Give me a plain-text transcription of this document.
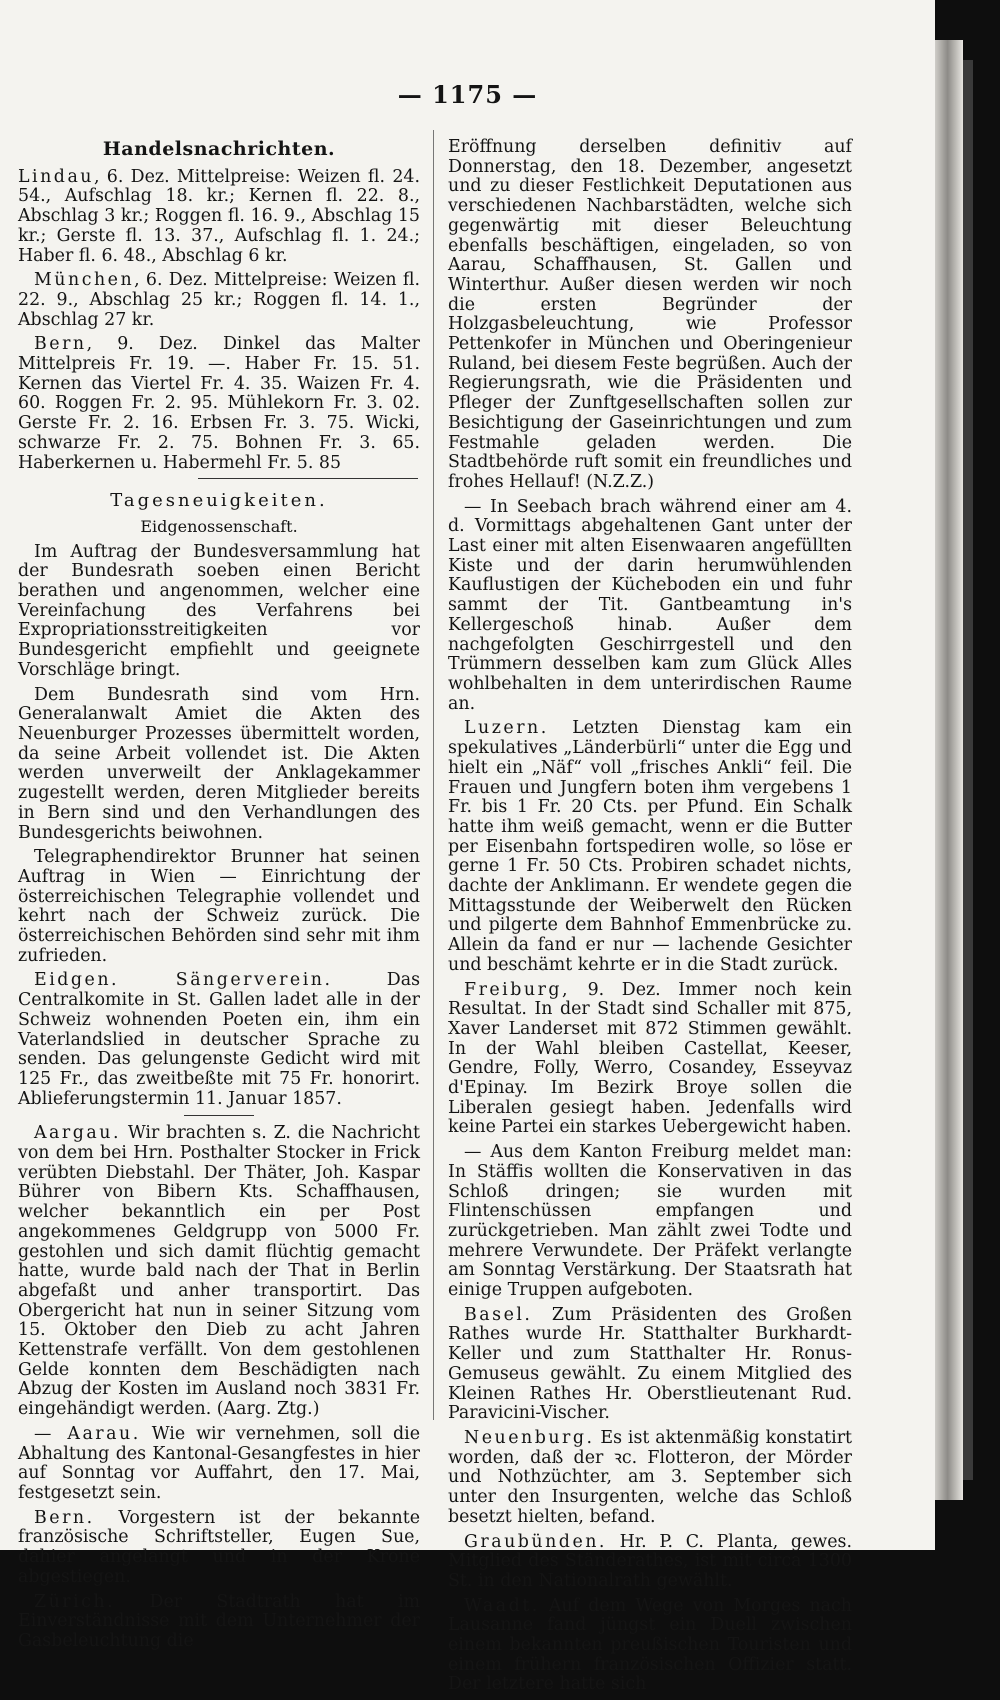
— 1175 —
Handelsnachrichten.

Lindau, 6. Dez. Mittelpreise: Weizen fl. 24. 54., Aufschlag 18. kr.; Kernen fl. 22. 8., Abschlag 3 kr.; Roggen fl. 16. 9., Abschlag 15 kr.; Gerste fl. 13. 37., Aufschlag fl. 1. 24.; Haber fl. 6. 48., Abschlag 6 kr.

München, 6. Dez. Mittelpreise: Weizen fl. 22. 9., Abschlag 25 kr.; Roggen fl. 14. 1., Abschlag 27 kr.

Bern, 9. Dez. Dinkel das Malter Mittelpreis Fr. 19. —. Haber Fr. 15. 51. Kernen das Viertel Fr. 4. 35. Waizen Fr. 4. 60. Roggen Fr. 2. 95. Mühlekorn Fr. 3. 02. Gerste Fr. 2. 16. Erbsen Fr. 3. 75. Wicki, schwarze Fr. 2. 75. Bohnen Fr. 3. 65. Haberkernen u. Habermehl Fr. 5. 85

Tagesneuigkeiten.
Eidgenossenschaft.

Im Auftrag der Bundesversammlung hat der Bundesrath soeben einen Bericht berathen und angenommen, welcher eine Vereinfachung des Verfahrens bei Expropriationsstreitigkeiten vor Bundesgericht empfiehlt und geeignete Vorschläge bringt.

Dem Bundesrath sind vom Hrn. Generalanwalt Amiet die Akten des Neuenburger Prozesses übermittelt worden, da seine Arbeit vollendet ist. Die Akten werden unverweilt der Anklagekammer zugestellt werden, deren Mitglieder bereits in Bern sind und den Verhandlungen des Bundesgerichts beiwohnen.

Telegraphendirektor Brunner hat seinen Auftrag in Wien — Einrichtung der österreichischen Telegraphie vollendet und kehrt nach der Schweiz zurück. Die österreichischen Behörden sind sehr mit ihm zufrieden.

Eidgen. Sängerverein. Das Centralkomite in St. Gallen ladet alle in der Schweiz wohnenden Poeten ein, ihm ein Vaterlandslied in deutscher Sprache zu senden. Das gelungenste Gedicht wird mit 125 Fr., das zweitbeßte mit 75 Fr. honorirt. Ablieferungstermin 11. Januar 1857.

Aargau. Wir brachten s. Z. die Nachricht von dem bei Hrn. Posthalter Stocker in Frick verübten Diebstahl. Der Thäter, Joh. Kaspar Bührer von Bibern Kts. Schaffhausen, welcher bekanntlich ein per Post angekommenes Geldgrupp von 5000 Fr. gestohlen und sich damit flüchtig gemacht hatte, wurde bald nach der That in Berlin abgefaßt und anher transportirt. Das Obergericht hat nun in seiner Sitzung vom 15. Oktober den Dieb zu acht Jahren Kettenstrafe verfällt. Von dem gestohlenen Gelde konnten dem Beschädigten nach Abzug der Kosten im Ausland noch 3831 Fr. eingehändigt werden. (Aarg. Ztg.)

— Aarau. Wie wir vernehmen, soll die Abhaltung des Kantonal-Gesangfestes in hier auf Sonntag vor Auffahrt, den 17. Mai, festgesetzt sein.

Bern. Vorgestern ist der bekannte französische Schriftsteller, Eugen Sue, dahier angelangt und in der Krone abgestiegen.

Zürich. Der Stadtrath hat im Einverständnisse mit dem Unternehmer der Gasbeleuchtung die

Eröffnung derselben definitiv auf Donnerstag, den 18. Dezember, angesetzt und zu dieser Festlichkeit Deputationen aus verschiedenen Nachbarstädten, welche sich gegenwärtig mit dieser Beleuchtung ebenfalls beschäftigen, eingeladen, so von Aarau, Schaffhausen, St. Gallen und Winterthur. Außer diesen werden wir noch die ersten Begründer der Holzgasbeleuchtung, wie Professor Pettenkofer in München und Oberingenieur Ruland, bei diesem Feste begrüßen. Auch der Regierungsrath, wie die Präsidenten und Pfleger der Zunftgesellschaften sollen zur Besichtigung der Gaseinrichtungen und zum Festmahle geladen werden. Die Stadtbehörde ruft somit ein freundliches und frohes Hellauf! (N.Z.Z.)

— In Seebach brach während einer am 4. d. Vormittags abgehaltenen Gant unter der Last einer mit alten Eisenwaaren angefüllten Kiste und der darin herumwühlenden Kauflustigen der Kücheboden ein und fuhr sammt der Tit. Gantbeamtung in's Kellergeschoß hinab. Außer dem nachgefolgten Geschirrgestell und den Trümmern desselben kam zum Glück Alles wohlbehalten in dem unterirdischen Raume an.

Luzern. Letzten Dienstag kam ein spekulatives „Länderbürli“ unter die Egg und hielt ein „Näf“ voll „frisches Ankli“ feil. Die Frauen und Jungfern boten ihm vergebens 1 Fr. bis 1 Fr. 20 Cts. per Pfund. Ein Schalk hatte ihm weiß gemacht, wenn er die Butter per Eisenbahn fortspediren wolle, so löse er gerne 1 Fr. 50 Cts. Probiren schadet nichts, dachte der Anklimann. Er wendete gegen die Mittagsstunde der Weiberwelt den Rücken und pilgerte dem Bahnhof Emmenbrücke zu. Allein da fand er nur — lachende Gesichter und beschämt kehrte er in die Stadt zurück.

Freiburg, 9. Dez. Immer noch kein Resultat. In der Stadt sind Schaller mit 875, Xaver Landerset mit 872 Stimmen gewählt. In der Wahl bleiben Castellat, Keeser, Gendre, Folly, Werro, Cosandey, Esseyvaz d'Epinay. Im Bezirk Broye sollen die Liberalen gesiegt haben. Jedenfalls wird keine Partei ein starkes Uebergewicht haben.

— Aus dem Kanton Freiburg meldet man: In Stäffis wollten die Konservativen in das Schloß dringen; sie wurden mit Flintenschüssen empfangen und zurückgetrieben. Man zählt zwei Todte und mehrere Verwundete. Der Präfekt verlangte am Sonntag Verstärkung. Der Staatsrath hat einige Truppen aufgeboten.

Basel. Zum Präsidenten des Großen Rathes wurde Hr. Statthalter Burkhardt-Keller und zum Statthalter Hr. Ronus-Gemuseus gewählt. Zu einem Mitglied des Kleinen Rathes Hr. Oberstlieutenant Rud. Paravicini-Vischer.

Neuenburg. Es ist aktenmäßig konstatirt worden, daß der ꝛc. Flotteron, der Mörder und Nothzüchter, am 3. September sich unter den Insurgenten, welche das Schloß besetzt hielten, befand.

Graubünden. Hr. P. C. Planta, gewes. Mitglied des Ständerathes, ist mit circa 1300 St. in den Nationalrath gewählt.

Waadt. Auf dem Wege von Morges nach Lausanne fand jüngst ein Duell zwischen einem bekannten preußischen Touristen und einem frühern französischen Offizier statt. Der letztere hatte sich
